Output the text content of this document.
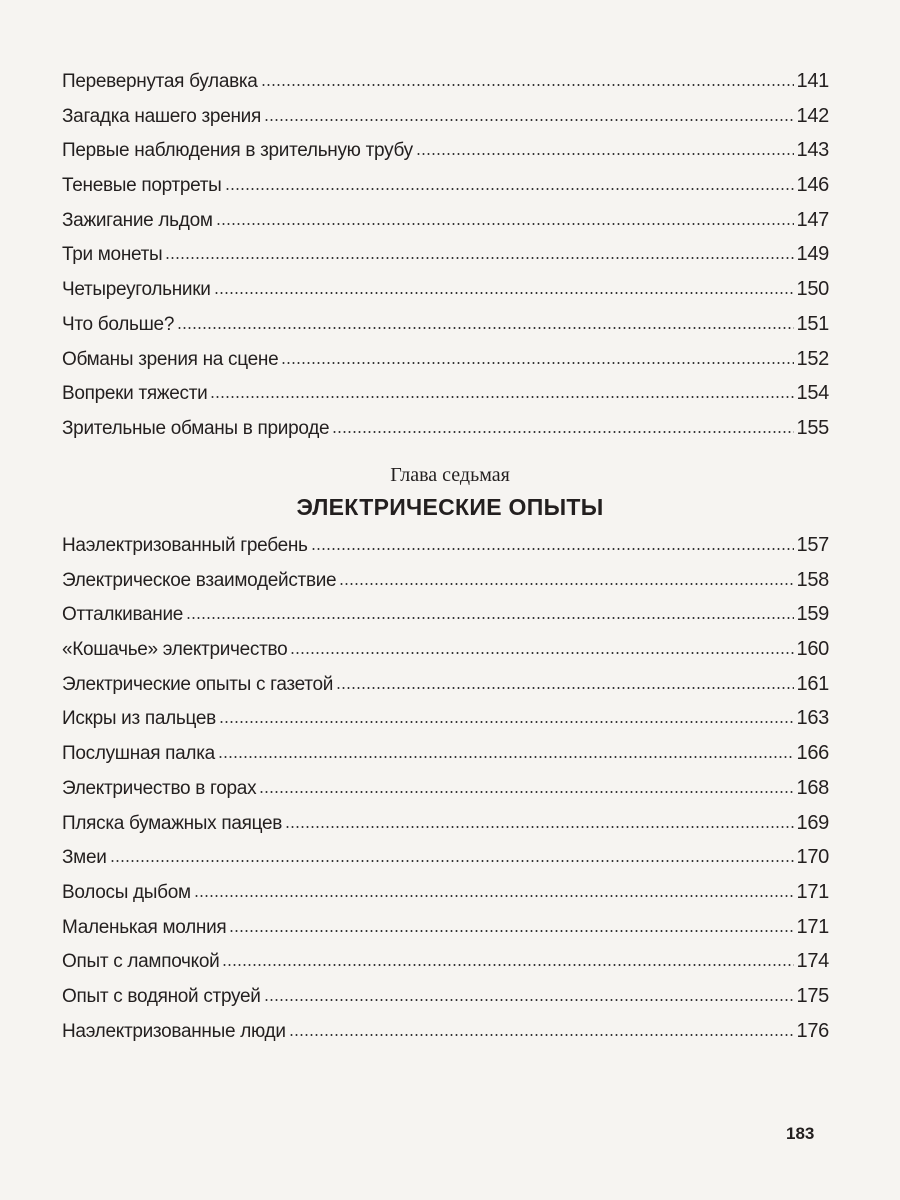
Перевернутая булавка	141
Загадка нашего зрения	142
Первые наблюдения в зрительную трубу	143
Теневые портреты	146
Зажигание льдом	147
Три монеты	149
Четыреугольники	150
Что больше?	151
Обманы зрения на сцене	152
Вопреки тяжести	154
Зрительные обманы в природе	155
Глава седьмая
ЭЛЕКТРИЧЕСКИЕ ОПЫТЫ
Наэлектризованный гребень	157
Электрическое взаимодействие	158
Отталкивание	159
«Кошачье» электричество	160
Электрические опыты с газетой	161
Искры из пальцев	163
Послушная палка	166
Электричество в горах	168
Пляска бумажных паяцев	169
Змеи	170
Волосы дыбом	171
Маленькая молния	171
Опыт с лампочкой	174
Опыт с водяной струей	175
Наэлектризованные люди	176
183
